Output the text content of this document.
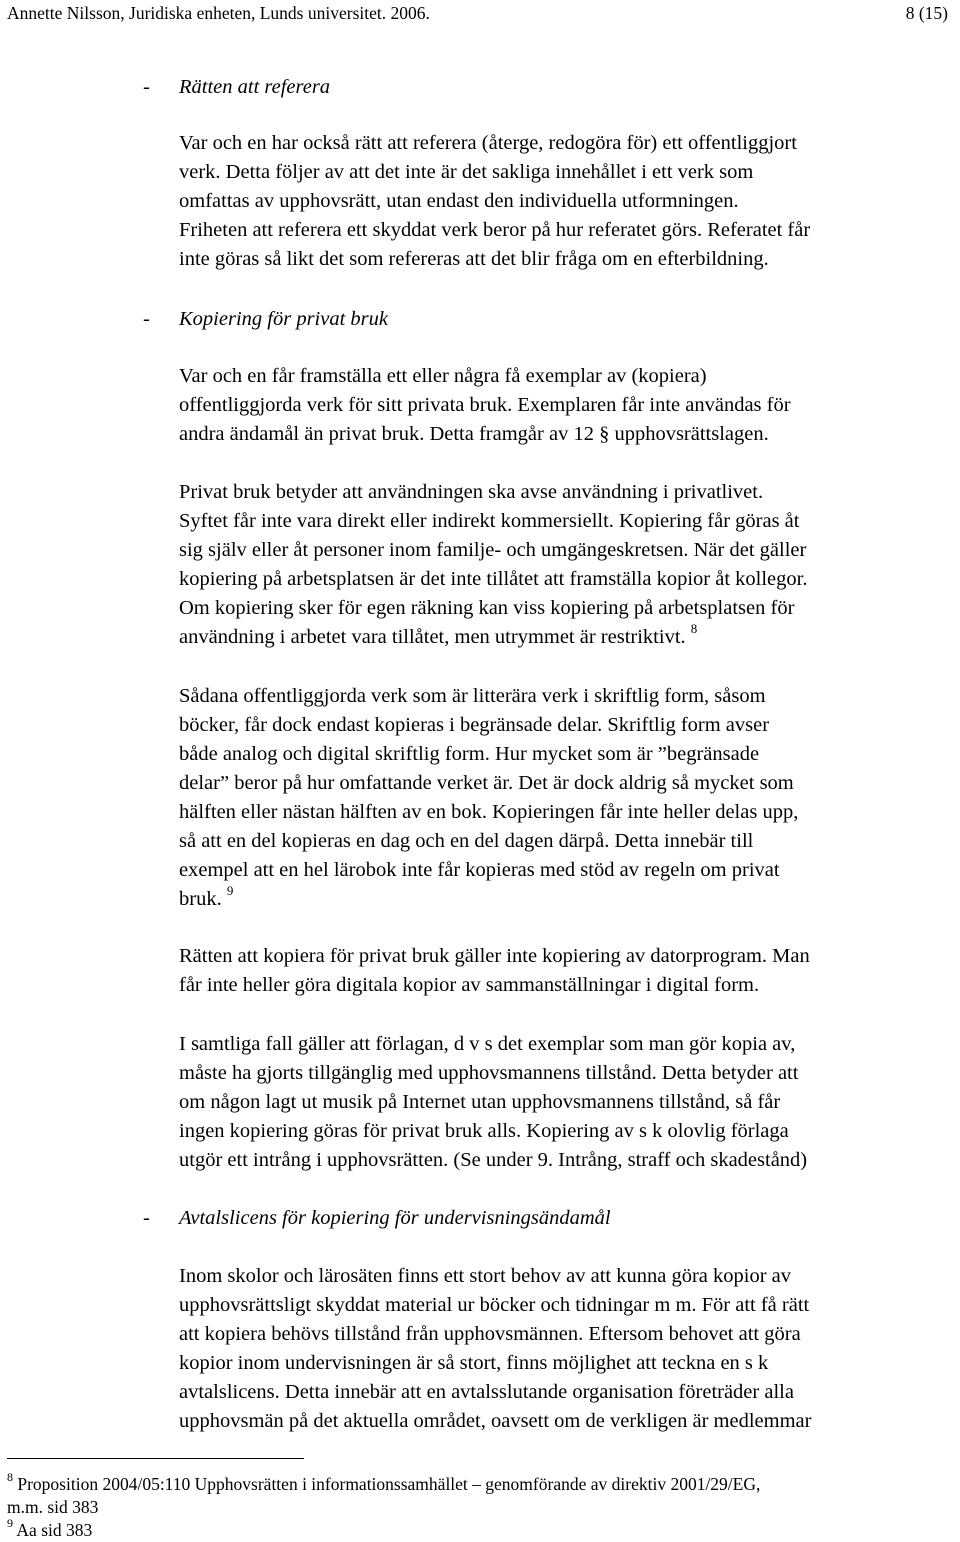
Annette Nilsson, Juridiska enheten, Lunds universitet. 2006.	8 (15)
- Rätten att referera
Var och en har också rätt att referera (återge, redogöra för) ett offentliggjort
verk. Detta följer av att det inte är det sakliga innehållet i ett verk som
omfattas av upphovsrätt, utan endast den individuella utformningen.
Friheten att referera ett skyddat verk beror på hur referatet görs. Referatet får
inte göras så likt det som refereras att det blir fråga om en efterbildning.
- Kopiering för privat bruk
Var och en får framställa ett eller några få exemplar av (kopiera)
offentliggjorda verk för sitt privata bruk. Exemplaren får inte användas för
andra ändamål än privat bruk. Detta framgår av 12 § upphovsrättslagen.
Privat bruk betyder att användningen ska avse användning i privatlivet.
Syftet får inte vara direkt eller indirekt kommersiellt. Kopiering får göras åt
sig själv eller åt personer inom familje- och umgängeskretsen. När det gäller
kopiering på arbetsplatsen är det inte tillåtet att framställa kopior åt kollegor.
Om kopiering sker för egen räkning kan viss kopiering på arbetsplatsen för
användning i arbetet vara tillåtet, men utrymmet är restriktivt. $^8$
Sådana offentliggjorda verk som är litterära verk i skriftlig form, såsom
böcker, får dock endast kopieras i begränsade delar. Skriftlig form avser
både analog och digital skriftlig form. Hur mycket som är ”begränsade
delar” beror på hur omfattande verket är. Det är dock aldrig så mycket som
hälften eller nästan hälften av en bok. Kopieringen får inte heller delas upp,
så att en del kopieras en dag och en del dagen därpå. Detta innebär till
exempel att en hel lärobok inte får kopieras med stöd av regeln om privat
bruk. $^9$
Rätten att kopiera för privat bruk gäller inte kopiering av datorprogram. Man
får inte heller göra digitala kopior av sammanställningar i digital form.
I samtliga fall gäller att förlagan, d v s det exemplar som man gör kopia av,
måste ha gjorts tillgänglig med upphovsmannens tillstånd. Detta betyder att
om någon lagt ut musik på Internet utan upphovsmannens tillstånd, så får
ingen kopiering göras för privat bruk alls. Kopiering av s k olovlig förlaga
utgör ett intrång i upphovsrätten. (Se under 9. Intrång, straff och skadestånd)
- Avtalslicens för kopiering för undervisningsändamål
Inom skolor och lärosäten finns ett stort behov av att kunna göra kopior av
upphovsrättsligt skyddat material ur böcker och tidningar m m. För att få rätt
att kopiera behövs tillstånd från upphovsmännen. Eftersom behovet att göra
kopior inom undervisningen är så stort, finns möjlighet att teckna en s k
avtalslicens. Detta innebär att en avtalsslutande organisation företräder alla
upphovsmän på det aktuella området, oavsett om de verkligen är medlemmar
$^8$ Proposition 2004/05:110 Upphovsrätten i informationssamhället – genomförande av direktiv 2001/29/EG,
m.m. sid 383
$^9$ Aa sid 383
